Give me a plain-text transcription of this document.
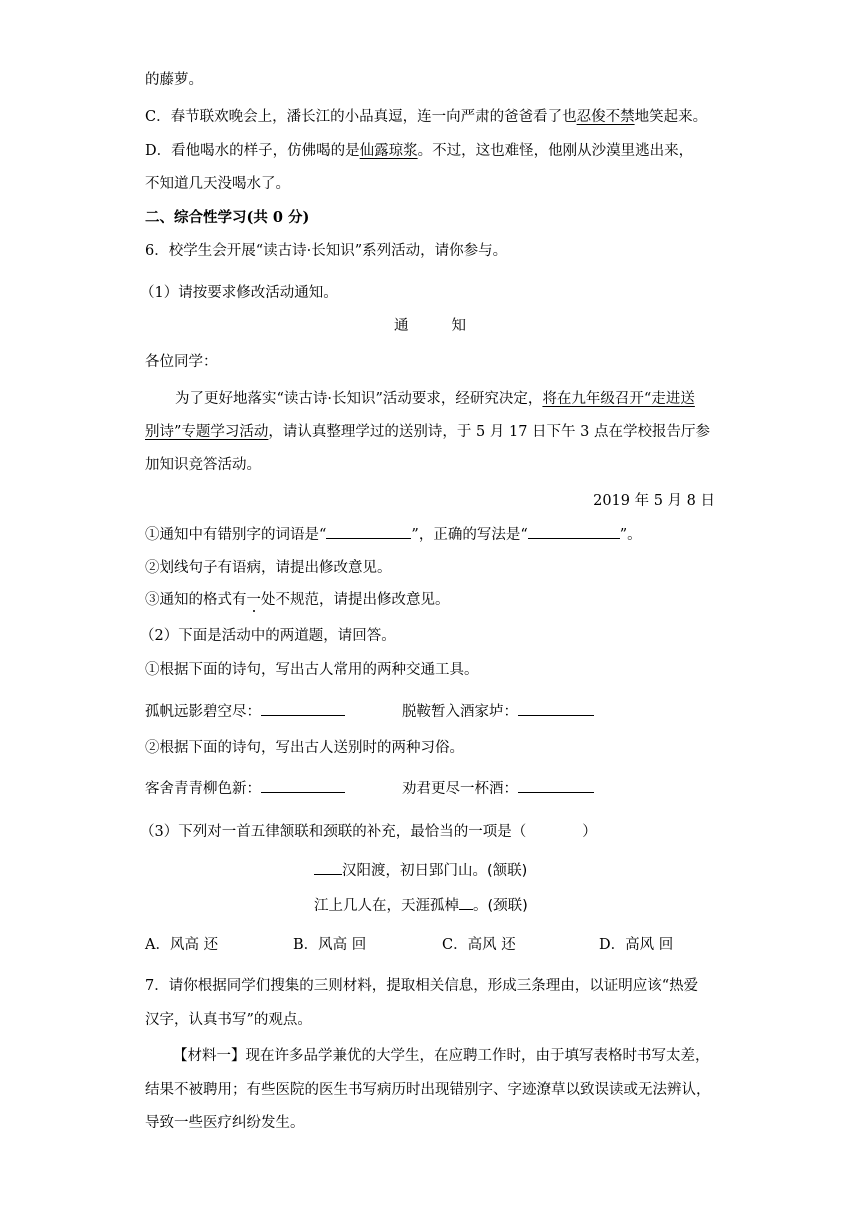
的藤萝。
C．春节联欢晚会上，潘长江的小品真逗，连一向严肃的爸爸看了也忍俊不禁地笑起来。
D．看他喝水的样子，仿佛喝的是仙露琼浆。不过，这也难怪，他刚从沙漠里逃出来，
不知道几天没喝水了。
二、综合性学习(共 0 分)
6．校学生会开展“读古诗·长知识”系列活动，请你参与。
（1）请按要求修改活动通知。
通	知
各位同学：
为了更好地落实“读古诗·长知识”活动要求，经研究决定，将在九年级召开“走进送
别诗”专题学习活动，请认真整理学过的送别诗，于 5 月 17 日下午 3 点在学校报告厅参
加知识竞答活动。
2019 年 5 月 8 日
①通知中有错别字的词语是“	”，正确的写法是“	”。
②划线句子有语病，请提出修改意见。
③通知的格式有一处不规范，请提出修改意见。
（2）下面是活动中的两道题，请回答。
①根据下面的诗句，写出古人常用的两种交通工具。
孤帆远影碧空尽：	脱鞍暂入酒家垆：
②根据下面的诗句，写出古人送别时的两种习俗。
客舍青青柳色新：	劝君更尽一杯酒：
（3）下列对一首五律颔联和颈联的补充，最恰当的一项是（	）
汉阳渡，初日郢门山。(颔联)
江上几人在，天涯孤棹 。(颈联)
A．风高 还	B．风高 回	C．高风 还	D．高风 回
7．请你根据同学们搜集的三则材料，提取相关信息，形成三条理由，以证明应该“热爱
汉字，认真书写”的观点。
【材料一】现在许多品学兼优的大学生，在应聘工作时，由于填写表格时书写太差，
结果不被聘用；有些医院的医生书写病历时出现错别字、字迹潦草以致误读或无法辨认，
导致一些医疗纠纷发生。
